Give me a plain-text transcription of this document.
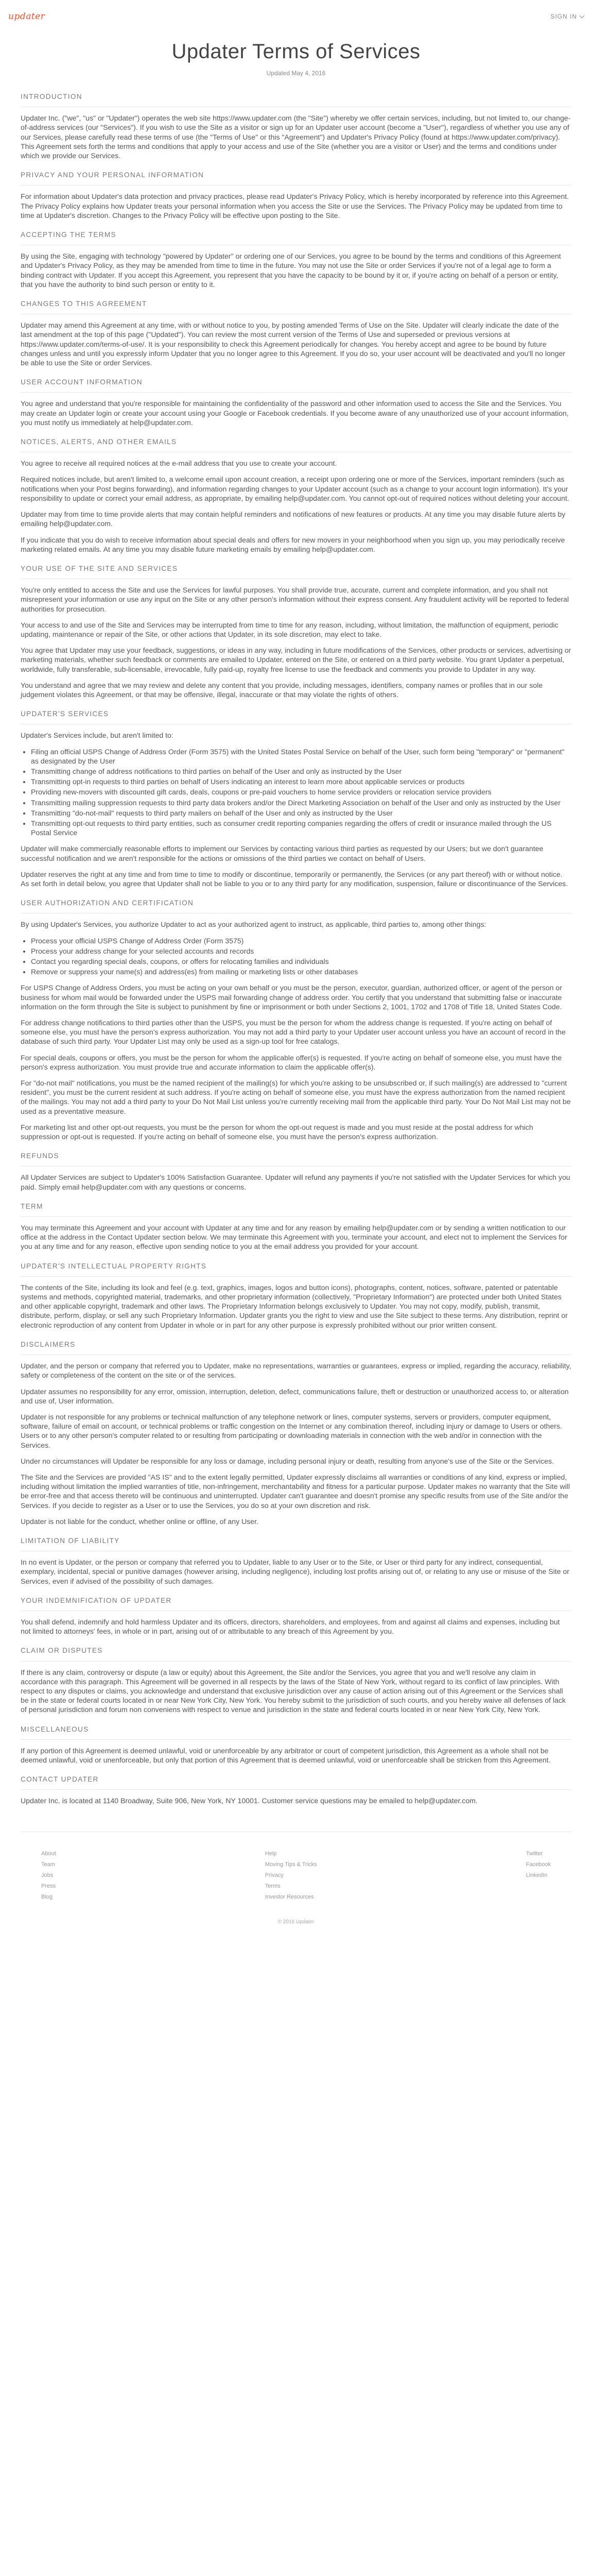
updater	SIGN IN
Updater Terms of Services
Updated May 4, 2016
INTRODUCTION

Updater Inc. ("we", "us" or "Updater") operates the web site https://www.updater.com (the "Site") whereby we offer certain services, including, but not limited to, our change-of-address services (our "Services"). If you wish to use the Site as a visitor or sign up for an Updater user account (become a "User"), regardless of whether you use any of our Services, please carefully read these terms of use (the "Terms of Use" or this "Agreement") and Updater's Privacy Policy (found at https://www.updater.com/privacy). This Agreement sets forth the terms and conditions that apply to your access and use of the Site (whether you are a visitor or User) and the terms and conditions under which we provide our Services.

PRIVACY AND YOUR PERSONAL INFORMATION

For information about Updater's data protection and privacy practices, please read Updater's Privacy Policy, which is hereby incorporated by reference into this Agreement. The Privacy Policy explains how Updater treats your personal information when you access the Site or use the Services. The Privacy Policy may be updated from time to time at Updater's discretion. Changes to the Privacy Policy will be effective upon posting to the Site.

ACCEPTING THE TERMS

By using the Site, engaging with technology "powered by Updater" or ordering one of our Services, you agree to be bound by the terms and conditions of this Agreement and Updater's Privacy Policy, as they may be amended from time to time in the future. You may not use the Site or order Services if you're not of a legal age to form a binding contract with Updater. If you accept this Agreement, you represent that you have the capacity to be bound by it or, if you're acting on behalf of a person or entity, that you have the authority to bind such person or entity to it.

CHANGES TO THIS AGREEMENT

Updater may amend this Agreement at any time, with or without notice to you, by posting amended Terms of Use on the Site. Updater will clearly indicate the date of the last amendment at the top of this page ("Updated"). You can review the most current version of the Terms of Use and superseded or previous versions at https://www.updater.com/terms-of-use/. It is your responsibility to check this Agreement periodically for changes. You hereby accept and agree to be bound by future changes unless and until you expressly inform Updater that you no longer agree to this Agreement. If you do so, your user account will be deactivated and you'll no longer be able to use the Site or order Services.

USER ACCOUNT INFORMATION

You agree and understand that you're responsible for maintaining the confidentiality of the password and other information used to access the Site and the Services. You may create an Updater login or create your account using your Google or Facebook credentials. If you become aware of any unauthorized use of your account information, you must notify us immediately at help@updater.com.

NOTICES, ALERTS, AND OTHER EMAILS

You agree to receive all required notices at the e-mail address that you use to create your account.

Required notices include, but aren't limited to, a welcome email upon account creation, a receipt upon ordering one or more of the Services, important reminders (such as notifications when your Post begins forwarding), and information regarding changes to your Updater account (such as a change to your account login information). It's your responsibility to update or correct your email address, as appropriate, by emailing help@updater.com. You cannot opt-out of required notices without deleting your account.

Updater may from time to time provide alerts that may contain helpful reminders and notifications of new features or products. At any time you may disable future alerts by emailing help@updater.com.

If you indicate that you do wish to receive information about special deals and offers for new movers in your neighborhood when you sign up, you may periodically receive marketing related emails. At any time you may disable future marketing emails by emailing help@updater.com.

YOUR USE OF THE SITE AND SERVICES

You're only entitled to access the Site and use the Services for lawful purposes. You shall provide true, accurate, current and complete information, and you shall not misrepresent your information or use any input on the Site or any other person's information without their express consent. Any fraudulent activity will be reported to federal authorities for prosecution.

Your access to and use of the Site and Services may be interrupted from time to time for any reason, including, without limitation, the malfunction of equipment, periodic updating, maintenance or repair of the Site, or other actions that Updater, in its sole discretion, may elect to take.

You agree that Updater may use your feedback, suggestions, or ideas in any way, including in future modifications of the Services, other products or services, advertising or marketing materials, whether such feedback or comments are emailed to Updater, entered on the Site, or entered on a third party website. You grant Updater a perpetual, worldwide, fully transferable, sub-licensable, irrevocable, fully paid-up, royalty free license to use the feedback and comments you provide to Updater in any way.

You understand and agree that we may review and delete any content that you provide, including messages, identifiers, company names or profiles that in our sole judgement violates this Agreement, or that may be offensive, illegal, inaccurate or that may violate the rights of others.

UPDATER'S SERVICES

Updater's Services include, but aren't limited to:

• Filing an official USPS Change of Address Order (Form 3575) with the United States Postal Service on behalf of the User, such form being "temporary" or "permanent" as designated by the User
• Transmitting change of address notifications to third parties on behalf of the User and only as instructed by the User
• Transmitting opt-in requests to third parties on behalf of Users indicating an interest to learn more about applicable services or products
• Providing new-movers with discounted gift cards, deals, coupons or pre-paid vouchers to home service providers or relocation service providers
• Transmitting mailing suppression requests to third party data brokers and/or the Direct Marketing Association on behalf of the User and only as instructed by the User
• Transmitting "do-not-mail" requests to third party mailers on behalf of the User and only as instructed by the User
• Transmitting opt-out requests to third party entities, such as consumer credit reporting companies regarding the offers of credit or insurance mailed through the US Postal Service

Updater will make commercially reasonable efforts to implement our Services by contacting various third parties as requested by our Users; but we don't guarantee successful notification and we aren't responsible for the actions or omissions of the third parties we contact on behalf of Users.

Updater reserves the right at any time and from time to time to modify or discontinue, temporarily or permanently, the Services (or any part thereof) with or without notice. As set forth in detail below, you agree that Updater shall not be liable to you or to any third party for any modification, suspension, failure or discontinuance of the Services.

USER AUTHORIZATION AND CERTIFICATION

By using Updater's Services, you authorize Updater to act as your authorized agent to instruct, as applicable, third parties to, among other things:

• Process your official USPS Change of Address Order (Form 3575)
• Process your address change for your selected accounts and records
• Contact you regarding special deals, coupons, or offers for relocating families and individuals
• Remove or suppress your name(s) and address(es) from mailing or marketing lists or other databases

For USPS Change of Address Orders, you must be acting on your own behalf or you must be the person, executor, guardian, authorized officer, or agent of the person or business for whom mail would be forwarded under the USPS mail forwarding change of address order. You certify that you understand that submitting false or inaccurate information on the form through the Site is subject to punishment by fine or imprisonment or both under Sections 2, 1001, 1702 and 1708 of Title 18, United States Code.

For address change notifications to third parties other than the USPS, you must be the person for whom the address change is requested. If you're acting on behalf of someone else, you must have the person's express authorization. You may not add a third party to your Updater user account unless you have an account of record in the database of such third party. Your Updater List may only be used as a sign-up tool for free catalogs.

For special deals, coupons or offers, you must be the person for whom the applicable offer(s) is requested. If you're acting on behalf of someone else, you must have the person's express authorization. You must provide true and accurate information to claim the applicable offer(s).

For "do-not mail" notifications, you must be the named recipient of the mailing(s) for which you're asking to be unsubscribed or, if such mailing(s) are addressed to "current resident", you must be the current resident at such address. If you're acting on behalf of someone else, you must have the express authorization from the named recipient of the mailings. You may not add a third party to your Do Not Mail List unless you're currently receiving mail from the applicable third party. Your Do Not Mail List may not be used as a preventative measure.

For marketing list and other opt-out requests, you must be the person for whom the opt-out request is made and you must reside at the postal address for which suppression or opt-out is requested. If you're acting on behalf of someone else, you must have the person's express authorization.

REFUNDS

All Updater Services are subject to Updater's 100% Satisfaction Guarantee. Updater will refund any payments if you're not satisfied with the Updater Services for which you paid. Simply email help@updater.com with any questions or concerns.

TERM

You may terminate this Agreement and your account with Updater at any time and for any reason by emailing help@updater.com or by sending a written notification to our office at the address in the Contact Updater section below. We may terminate this Agreement with you, terminate your account, and elect not to implement the Services for you at any time and for any reason, effective upon sending notice to you at the email address you provided for your account.

UPDATER'S INTELLECTUAL PROPERTY RIGHTS

The contents of the Site, including its look and feel (e.g. text, graphics, images, logos and button icons), photographs, content, notices, software, patented or patentable systems and methods, copyrighted material, trademarks, and other proprietary information (collectively, "Proprietary Information") are protected under both United States and other applicable copyright, trademark and other laws. The Proprietary Information belongs exclusively to Updater. You may not copy, modify, publish, transmit, distribute, perform, display, or sell any such Proprietary Information. Updater grants you the right to view and use the Site subject to these terms. Any distribution, reprint or electronic reproduction of any content from Updater in whole or in part for any other purpose is expressly prohibited without our prior written consent.

DISCLAIMERS

Updater, and the person or company that referred you to Updater, make no representations, warranties or guarantees, express or implied, regarding the accuracy, reliability, safety or completeness of the content on the site or of the services.

Updater assumes no responsibility for any error, omission, interruption, deletion, defect, communications failure, theft or destruction or unauthorized access to, or alteration and use of, User information.

Updater is not responsible for any problems or technical malfunction of any telephone network or lines, computer systems, servers or providers, computer equipment, software, failure of email on account, or technical problems or traffic congestion on the Internet or any combination thereof, including injury or damage to Users or others. Users or to any other person's computer related to or resulting from participating or downloading materials in connection with the web and/or in connection with the Services.

Under no circumstances will Updater be responsible for any loss or damage, including personal injury or death, resulting from anyone's use of the Site or the Services.

The Site and the Services are provided "AS IS" and to the extent legally permitted, Updater expressly disclaims all warranties or conditions of any kind, express or implied, including without limitation the implied warranties of title, non-infringement, merchantability and fitness for a particular purpose. Updater makes no warranty that the Site will be error-free and that access thereto will be continuous and uninterrupted. Updater can't guarantee and doesn't promise any specific results from use of the Site and/or the Services. If you decide to register as a User or to use the Services, you do so at your own discretion and risk.

Updater is not liable for the conduct, whether online or offline, of any User.

LIMITATION OF LIABILITY

In no event is Updater, or the person or company that referred you to Updater, liable to any User or to the Site, or User or third party for any indirect, consequential, exemplary, incidental, special or punitive damages (however arising, including negligence), including lost profits arising out of, or relating to any use or misuse of the Site or Services, even if advised of the possibility of such damages.

YOUR INDEMNIFICATION OF UPDATER

You shall defend, indemnify and hold harmless Updater and its officers, directors, shareholders, and employees, from and against all claims and expenses, including but not limited to attorneys' fees, in whole or in part, arising out of or attributable to any breach of this Agreement by you.

CLAIM OR DISPUTES

If there is any claim, controversy or dispute (a law or equity) about this Agreement, the Site and/or the Services, you agree that you and we'll resolve any claim in accordance with this paragraph. This Agreement will be governed in all respects by the laws of the State of New York, without regard to its conflict of law principles. With respect to any disputes or claims, you acknowledge and understand that exclusive jurisdiction over any cause of action arising out of this Agreement or the Services shall be in the state or federal courts located in or near New York City, New York. You hereby submit to the jurisdiction of such courts, and you hereby waive all defenses of lack of personal jurisdiction and forum non conveniens with respect to venue and jurisdiction in the state and federal courts located in or near New York City, New York.

MISCELLANEOUS

If any portion of this Agreement is deemed unlawful, void or unenforceable by any arbitrator or court of competent jurisdiction, this Agreement as a whole shall not be deemed unlawful, void or unenforceable, but only that portion of this Agreement that is deemed unlawful, void or unenforceable shall be stricken from this Agreement.

CONTACT UPDATER

Updater Inc. is located at 1140 Broadway, Suite 906, New York, NY 10001. Customer service questions may be emailed to help@updater.com.

About
Team
Jobs
Press
Blog
Help
Moving Tips & Tricks
Privacy
Terms
Investor Resources
Twitter
Facebook
LinkedIn
© 2016 Updater
